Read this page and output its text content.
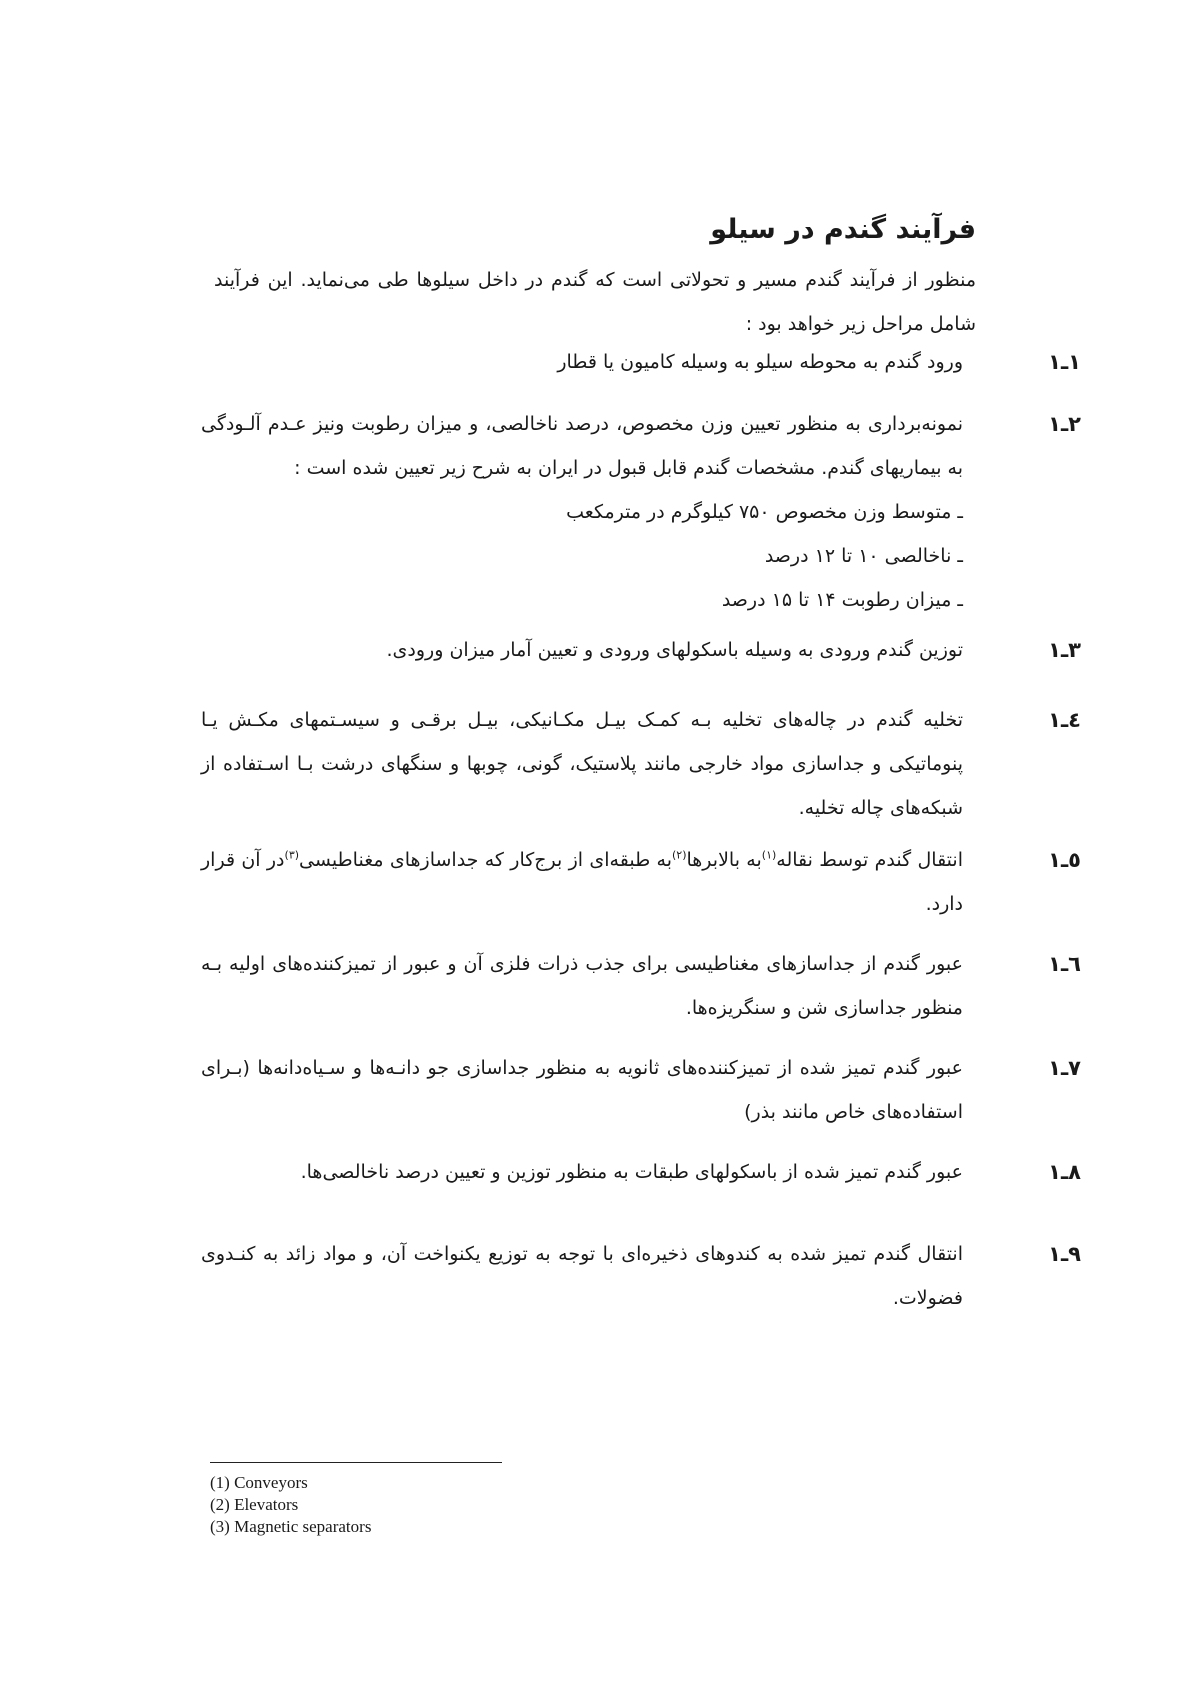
فرآیند گندم در سیلو

منظور از فرآیند گندم مسیر و تحولاتی است که گندم در داخل سیلوها طی می‌نماید. این فرآیند شامل مراحل زیر خواهد بود :

۱ـ۱

ورود گندم به محوطه سیلو به وسیله کامیون یا قطار

۲ـ۱
نمونه‌برداری به منظور تعیین وزن مخصوص، درصد ناخالصی، و میزان رطوبت ونیز عـدم آلـودگی به بیماریهای گندم. مشخصات گندم قابل قبول در ایران به شرح زیر تعیین شده است :
ـ متوسط وزن مخصوص ۷۵۰ کیلوگرم در مترمکعب
ـ ناخالصی ۱۰ تا ۱۲ درصد
ـ میزان رطوبت ۱۴ تا ۱۵ درصد
۳ـ۱

توزین گندم ورودی به وسیله باسکولهای ورودی و تعیین آمار میزان ورودی.

٤ـ۱

تخلیه گندم در چاله‌های تخلیه بـه کمـک بیـل مکـانیکی، بیـل برقـی و سیسـتمهای مکـش یـا پنوماتیکی و جداسازی مواد خارجی مانند پلاستیک، گونی، چوبها و سنگهای درشت بـا اسـتفاده از شبکه‌های چاله تخلیه.

٥ـ۱

انتقال گندم توسط نقاله$^{(۱)}$به بالابرها$^{(۲)}$به طبقه‌ای از برج‌کار که جداسازهای مغناطیسی$^{(۳)}$در آن قرار دارد.

٦ـ۱

عبور گندم از جداسازهای مغناطیسی برای جذب ذرات فلزی آن و عبور از تمیزکننده‌های اولیه بـه منظور جداسازی شن و سنگریزه‌ها.

۷ـ۱

عبور گندم تمیز شده از تمیزکننده‌های ثانویه به منظور جداسازی جو دانـه‌ها و سـیاه‌دانه‌ها (بـرای استفاده‌های خاص مانند بذر)

۸ـ۱

عبور گندم تمیز شده از باسکولهای طبقات به منظور توزین و تعیین درصد ناخالصی‌ها.

۹ـ۱

انتقال گندم تمیز شده به کندوهای ذخیره‌ای با توجه به توزیع یکنواخت آن، و مواد زائد به کنـدوی فضولات.

(1) Conveyors
(2) Elevators
(3) Magnetic separators
